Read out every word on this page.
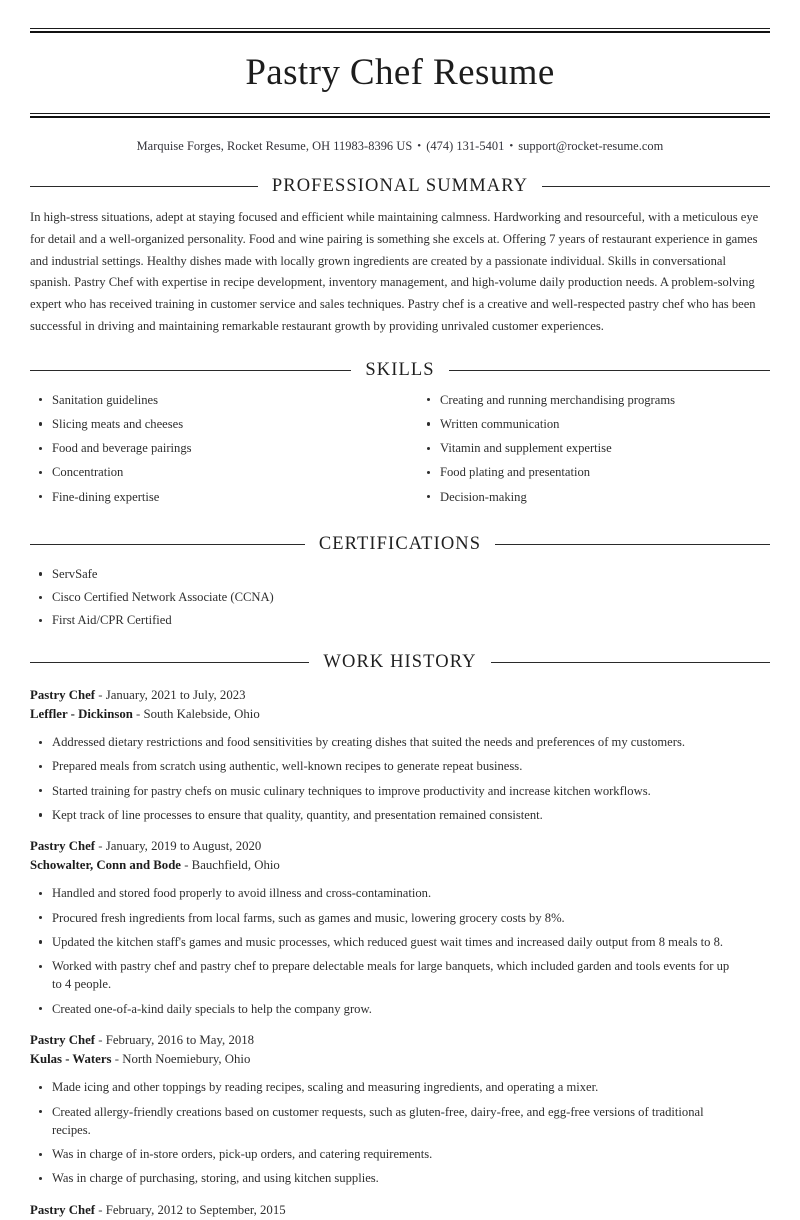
Pastry Chef Resume
Marquise Forges, Rocket Resume, OH 11983-8396 US • (474) 131-5401 • support@rocket-resume.com
PROFESSIONAL SUMMARY

In high-stress situations, adept at staying focused and efficient while maintaining calmness. Hardworking and resourceful, with a meticulous eye for detail and a well-organized personality. Food and wine pairing is something she excels at. Offering 7 years of restaurant experience in games and industrial settings. Healthy dishes made with locally grown ingredients are created by a passionate individual. Skills in conversational spanish. Pastry Chef with expertise in recipe development, inventory management, and high-volume daily production needs. A problem-solving expert who has received training in customer service and sales techniques. Pastry chef is a creative and well-respected pastry chef who has been successful in driving and maintaining remarkable restaurant growth by providing unrivaled customer experiences.

SKILLS
Sanitation guidelines
Slicing meats and cheeses
Food and beverage pairings
Concentration
Fine-dining expertise
Creating and running merchandising programs
Written communication
Vitamin and supplement expertise
Food plating and presentation
Decision-making
CERTIFICATIONS
ServSafe
Cisco Certified Network Associate (CCNA)
First Aid/CPR Certified
WORK HISTORY
Pastry Chef - January, 2021 to July, 2023
Leffler - Dickinson - South Kalebside, Ohio
Addressed dietary restrictions and food sensitivities by creating dishes that suited the needs and preferences of my customers.
Prepared meals from scratch using authentic, well-known recipes to generate repeat business.
Started training for pastry chefs on music culinary techniques to improve productivity and increase kitchen workflows.
Kept track of line processes to ensure that quality, quantity, and presentation remained consistent.
Pastry Chef - January, 2019 to August, 2020
Schowalter, Conn and Bode - Bauchfield, Ohio
Handled and stored food properly to avoid illness and cross-contamination.
Procured fresh ingredients from local farms, such as games and music, lowering grocery costs by 8%.
Updated the kitchen staff's games and music processes, which reduced guest wait times and increased daily output from 8 meals to 8.
Worked with pastry chef and pastry chef to prepare delectable meals for large banquets, which included garden and tools events for up to 4 people.
Created one-of-a-kind daily specials to help the company grow.
Pastry Chef - February, 2016 to May, 2018
Kulas - Waters - North Noemiebury, Ohio
Made icing and other toppings by reading recipes, scaling and measuring ingredients, and operating a mixer.
Created allergy-friendly creations based on customer requests, such as gluten-free, dairy-free, and egg-free versions of traditional recipes.
Was in charge of in-store orders, pick-up orders, and catering requirements.
Was in charge of purchasing, storing, and using kitchen supplies.
Pastry Chef - February, 2012 to September, 2015
